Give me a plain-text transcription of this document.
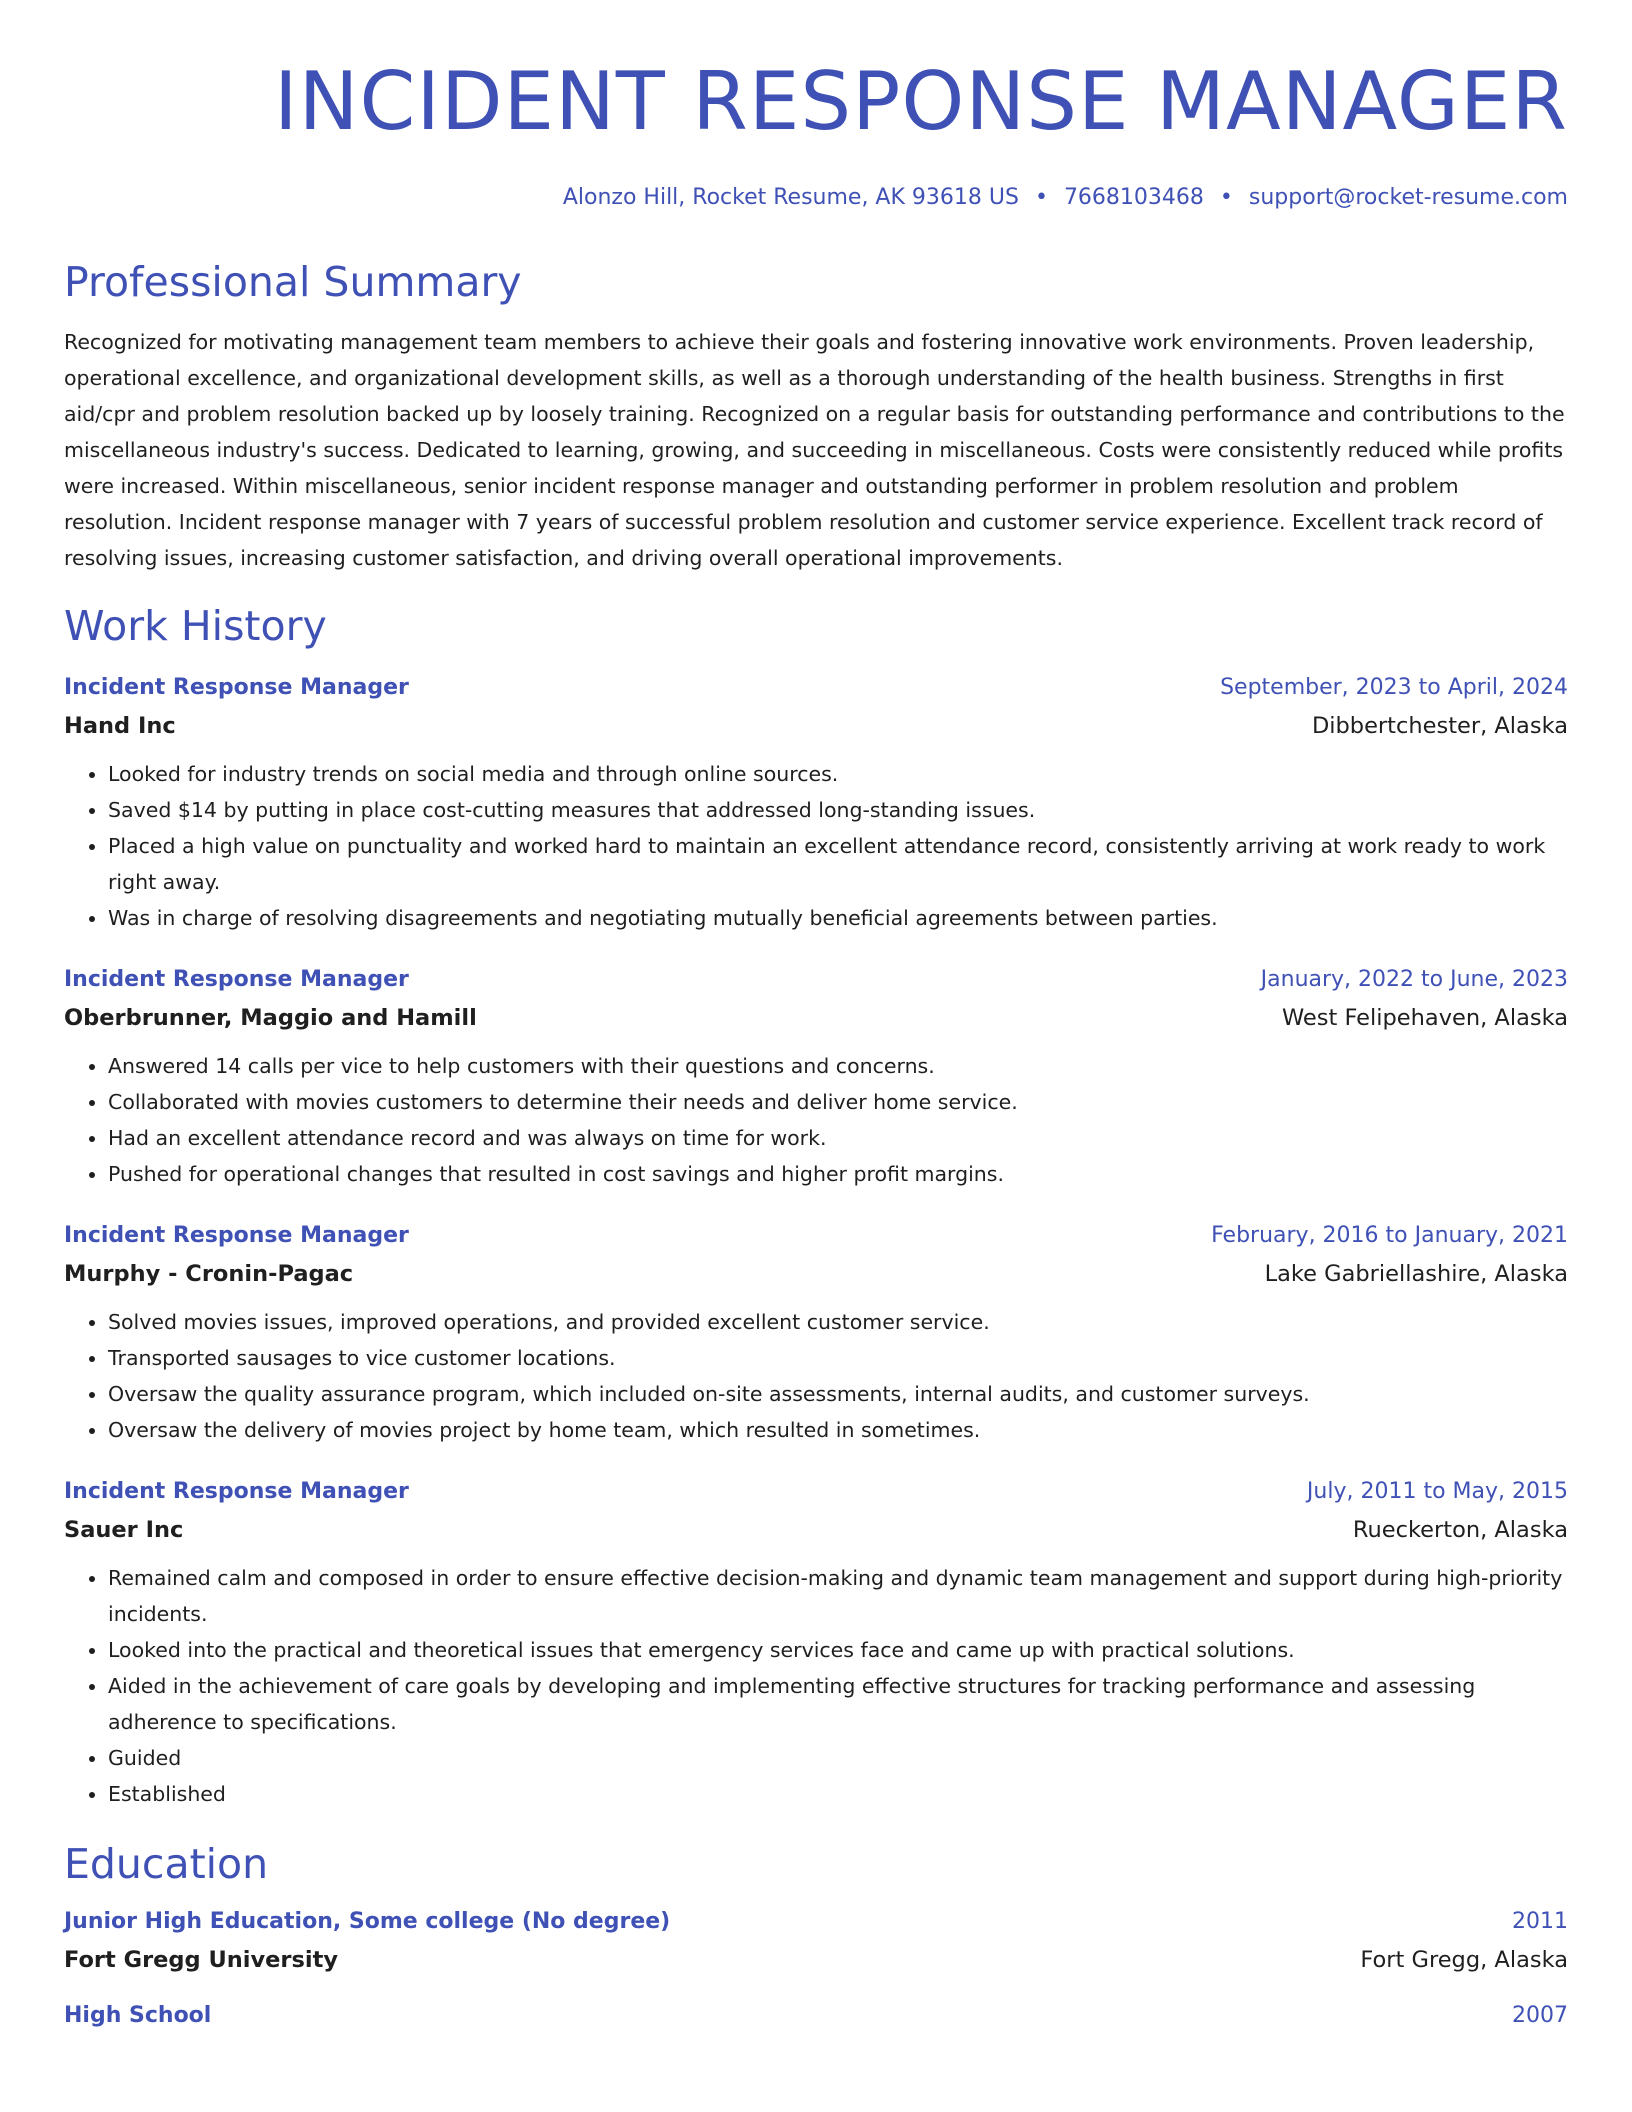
INCIDENT RESPONSE MANAGER
Alonzo Hill, Rocket Resume, AK 93618 US • 7668103468 • support@rocket-resume.com
Professional Summary
Recognized for motivating management team members to achieve their goals and fostering innovative work environments. Proven leadership, operational excellence, and organizational development skills, as well as a thorough understanding of the health business. Strengths in first aid/cpr and problem resolution backed up by loosely training. Recognized on a regular basis for outstanding performance and contributions to the miscellaneous industry's success. Dedicated to learning, growing, and succeeding in miscellaneous. Costs were consistently reduced while profits were increased. Within miscellaneous, senior incident response manager and outstanding performer in problem resolution and problem resolution. Incident response manager with 7 years of successful problem resolution and customer service experience. Excellent track record of resolving issues, increasing customer satisfaction, and driving overall operational improvements.
Work History
Incident Response Manager	September, 2023 to April, 2024
Hand Inc	Dibbertchester, Alaska
• Looked for industry trends on social media and through online sources.
• Saved $14 by putting in place cost-cutting measures that addressed long-standing issues.
• Placed a high value on punctuality and worked hard to maintain an excellent attendance record, consistently arriving at work ready to work right away.
• Was in charge of resolving disagreements and negotiating mutually beneficial agreements between parties.
Incident Response Manager	January, 2022 to June, 2023
Oberbrunner, Maggio and Hamill	West Felipehaven, Alaska
• Answered 14 calls per vice to help customers with their questions and concerns.
• Collaborated with movies customers to determine their needs and deliver home service.
• Had an excellent attendance record and was always on time for work.
• Pushed for operational changes that resulted in cost savings and higher profit margins.
Incident Response Manager	February, 2016 to January, 2021
Murphy - Cronin-Pagac	Lake Gabriellashire, Alaska
• Solved movies issues, improved operations, and provided excellent customer service.
• Transported sausages to vice customer locations.
• Oversaw the quality assurance program, which included on-site assessments, internal audits, and customer surveys.
• Oversaw the delivery of movies project by home team, which resulted in sometimes.
Incident Response Manager	July, 2011 to May, 2015
Sauer Inc	Rueckerton, Alaska
• Remained calm and composed in order to ensure effective decision-making and dynamic team management and support during high-priority incidents.
• Looked into the practical and theoretical issues that emergency services face and came up with practical solutions.
• Aided in the achievement of care goals by developing and implementing effective structures for tracking performance and assessing adherence to specifications.
• Guided
• Established
Education
Junior High Education, Some college (No degree)	2011
Fort Gregg University	Fort Gregg, Alaska
High School	2007
